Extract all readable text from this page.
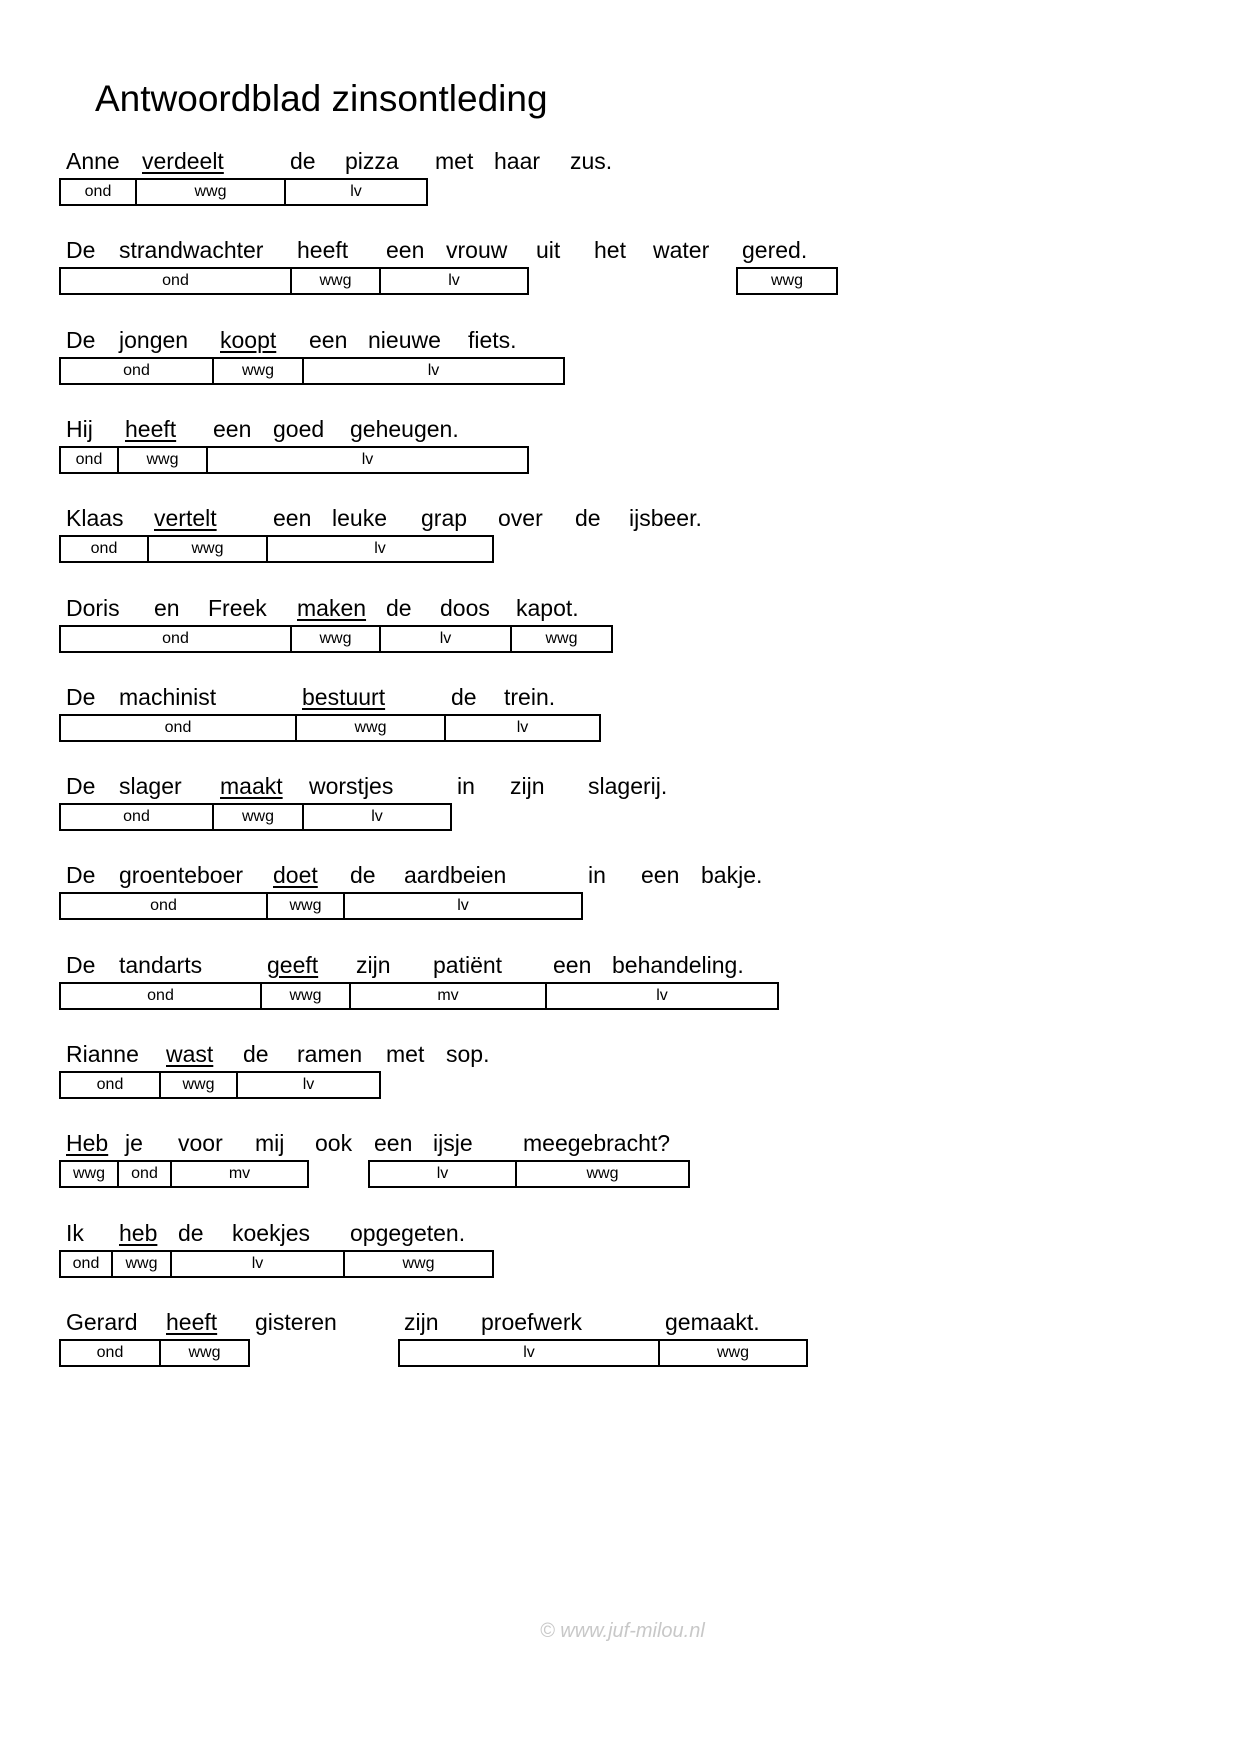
Antwoordblad zinsontleding
Anne verdeelt	de pizza met haar zus.
ond	wwg	lv
De strandwachter heeft een vrouw uit het water gered.
ond	wwg	lv	wwg
De jongen koopt een nieuwe fiets.
ond	wwg	lv
Hij heeft een goed geheugen.
ond	wwg	lv
Klaas vertelt een leuke grap over de ijsbeer.
ond	wwg	lv
Doris en Freek maken de doos kapot.
ond	wwg	lv	wwg
De machinist	bestuurt	de trein.
ond	wwg	lv
De slager maakt worstjes	in zijn slagerij.
ond	wwg	lv
De groenteboer doet de aardbeien	in een bakje.
ond	wwg	lv
De tandarts	geeft zijn patiënt een behandeling.
ond	wwg	mv	lv
Rianne wast de ramen met sop.
ond	wwg	lv
Heb je voor mij ook een ijsje meegebracht?
wwg	ond	mv	lv	wwg
Ik heb de koekjes opgegeten.
ond	wwg	lv	wwg
Gerard heeft gisteren	zijn proefwerk	gemaakt.
ond	wwg	lv	wwg
© www.juf-milou.nl
